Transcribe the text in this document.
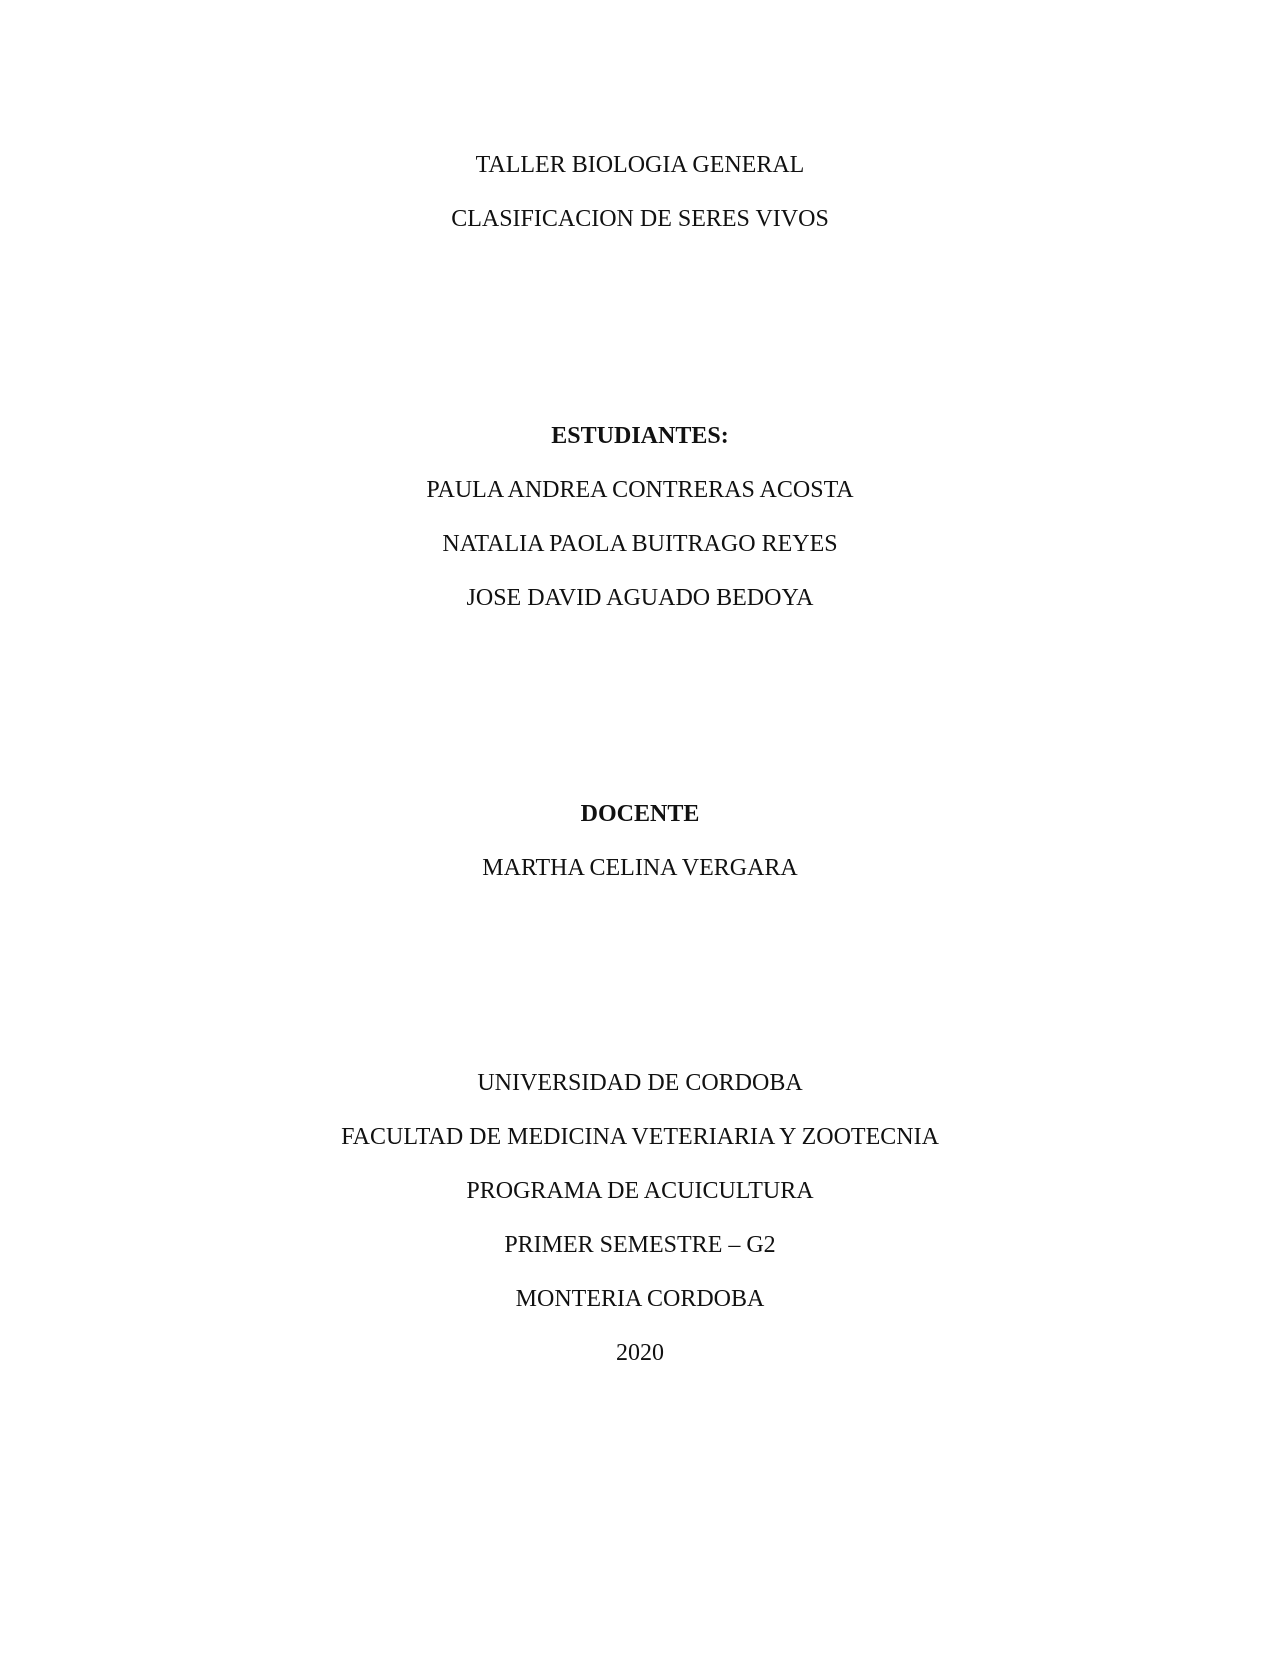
TALLER BIOLOGIA GENERAL
CLASIFICACION DE SERES VIVOS
ESTUDIANTES:
PAULA ANDREA CONTRERAS ACOSTA
NATALIA PAOLA BUITRAGO REYES
JOSE DAVID AGUADO BEDOYA
DOCENTE
MARTHA CELINA VERGARA
UNIVERSIDAD DE CORDOBA
FACULTAD DE MEDICINA VETERIARIA Y ZOOTECNIA
PROGRAMA DE ACUICULTURA
PRIMER SEMESTRE – G2
MONTERIA CORDOBA
2020
